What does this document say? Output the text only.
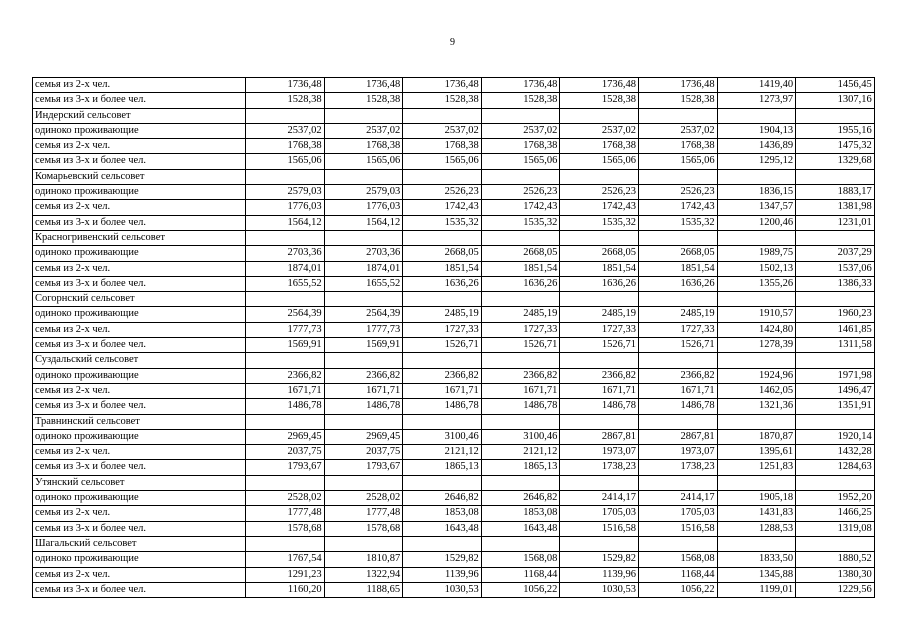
9
семья из 2-х чел.	1736,48	1736,48	1736,48	1736,48	1736,48	1736,48	1419,40	1456,45
семья из 3-х и более чел.	1528,38	1528,38	1528,38	1528,38	1528,38	1528,38	1273,97	1307,16
Индерский сельсовет								
одиноко проживающие	2537,02	2537,02	2537,02	2537,02	2537,02	2537,02	1904,13	1955,16
семья из 2-х чел.	1768,38	1768,38	1768,38	1768,38	1768,38	1768,38	1436,89	1475,32
семья из 3-х и более чел.	1565,06	1565,06	1565,06	1565,06	1565,06	1565,06	1295,12	1329,68
Комарьевский сельсовет								
одиноко проживающие	2579,03	2579,03	2526,23	2526,23	2526,23	2526,23	1836,15	1883,17
семья из 2-х чел.	1776,03	1776,03	1742,43	1742,43	1742,43	1742,43	1347,57	1381,98
семья из 3-х и более чел.	1564,12	1564,12	1535,32	1535,32	1535,32	1535,32	1200,46	1231,01
Красногривенский сельсовет								
одиноко проживающие	2703,36	2703,36	2668,05	2668,05	2668,05	2668,05	1989,75	2037,29
семья из 2-х чел.	1874,01	1874,01	1851,54	1851,54	1851,54	1851,54	1502,13	1537,06
семья из 3-х и более чел.	1655,52	1655,52	1636,26	1636,26	1636,26	1636,26	1355,26	1386,33
Согорнский сельсовет								
одиноко проживающие	2564,39	2564,39	2485,19	2485,19	2485,19	2485,19	1910,57	1960,23
семья из 2-х чел.	1777,73	1777,73	1727,33	1727,33	1727,33	1727,33	1424,80	1461,85
семья из 3-х и более чел.	1569,91	1569,91	1526,71	1526,71	1526,71	1526,71	1278,39	1311,58
Суздальский сельсовет								
одиноко проживающие	2366,82	2366,82	2366,82	2366,82	2366,82	2366,82	1924,96	1971,98
семья из 2-х чел.	1671,71	1671,71	1671,71	1671,71	1671,71	1671,71	1462,05	1496,47
семья из 3-х и более чел.	1486,78	1486,78	1486,78	1486,78	1486,78	1486,78	1321,36	1351,91
Травнинский сельсовет								
одиноко проживающие	2969,45	2969,45	3100,46	3100,46	2867,81	2867,81	1870,87	1920,14
семья из 2-х чел.	2037,75	2037,75	2121,12	2121,12	1973,07	1973,07	1395,61	1432,28
семья из 3-х и более чел.	1793,67	1793,67	1865,13	1865,13	1738,23	1738,23	1251,83	1284,63
Утянский сельсовет								
одиноко проживающие	2528,02	2528,02	2646,82	2646,82	2414,17	2414,17	1905,18	1952,20
семья из 2-х чел.	1777,48	1777,48	1853,08	1853,08	1705,03	1705,03	1431,83	1466,25
семья из 3-х и более чел.	1578,68	1578,68	1643,48	1643,48	1516,58	1516,58	1288,53	1319,08
Шагальский сельсовет								
одиноко проживающие	1767,54	1810,87	1529,82	1568,08	1529,82	1568,08	1833,50	1880,52
семья из 2-х чел.	1291,23	1322,94	1139,96	1168,44	1139,96	1168,44	1345,88	1380,30
семья из 3-х и более чел.	1160,20	1188,65	1030,53	1056,22	1030,53	1056,22	1199,01	1229,56
